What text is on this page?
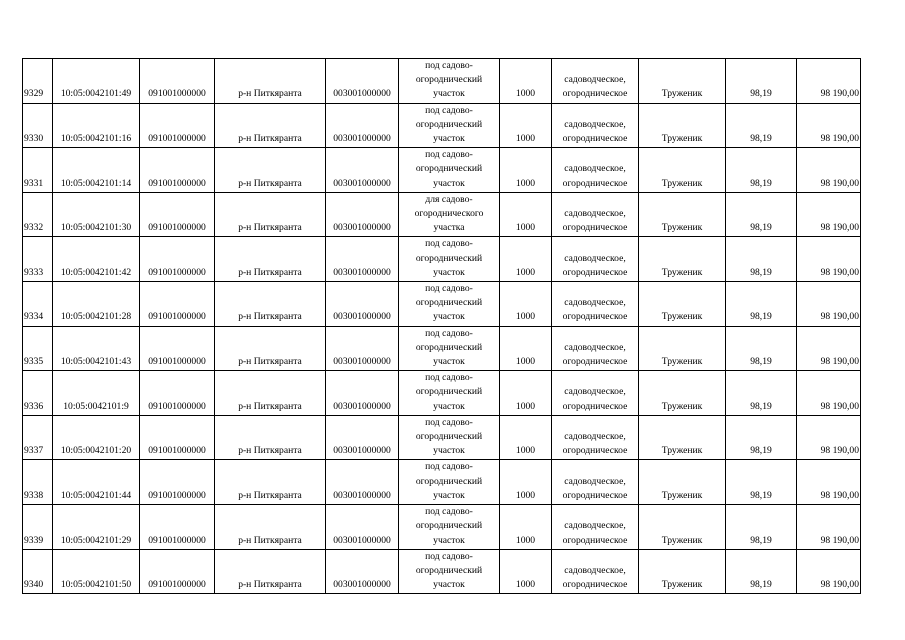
9329	10:05:0042101:49	091001000000	р-н Питкяранта	003001000000	под садово-
огороднический
участок	1000	садоводческое,
огородническое	Труженик	98,19	98 190,00
9330	10:05:0042101:16	091001000000	р-н Питкяранта	003001000000	под садово-
огороднический
участок	1000	садоводческое,
огородническое	Труженик	98,19	98 190,00
9331	10:05:0042101:14	091001000000	р-н Питкяранта	003001000000	под садово-
огороднический
участок	1000	садоводческое,
огородническое	Труженик	98,19	98 190,00
9332	10:05:0042101:30	091001000000	р-н Питкяранта	003001000000	для садово-
огороднического
участка	1000	садоводческое,
огородническое	Труженик	98,19	98 190,00
9333	10:05:0042101:42	091001000000	р-н Питкяранта	003001000000	под садово-
огороднический
участок	1000	садоводческое,
огородническое	Труженик	98,19	98 190,00
9334	10:05:0042101:28	091001000000	р-н Питкяранта	003001000000	под садово-
огороднический
участок	1000	садоводческое,
огородническое	Труженик	98,19	98 190,00
9335	10:05:0042101:43	091001000000	р-н Питкяранта	003001000000	под садово-
огороднический
участок	1000	садоводческое,
огородническое	Труженик	98,19	98 190,00
9336	10:05:0042101:9	091001000000	р-н Питкяранта	003001000000	под садово-
огороднический
участок	1000	садоводческое,
огородническое	Труженик	98,19	98 190,00
9337	10:05:0042101:20	091001000000	р-н Питкяранта	003001000000	под садово-
огороднический
участок	1000	садоводческое,
огородническое	Труженик	98,19	98 190,00
9338	10:05:0042101:44	091001000000	р-н Питкяранта	003001000000	под садово-
огороднический
участок	1000	садоводческое,
огородническое	Труженик	98,19	98 190,00
9339	10:05:0042101:29	091001000000	р-н Питкяранта	003001000000	под садово-
огороднический
участок	1000	садоводческое,
огородническое	Труженик	98,19	98 190,00
9340	10:05:0042101:50	091001000000	р-н Питкяранта	003001000000	под садово-
огороднический
участок	1000	садоводческое,
огородническое	Труженик	98,19	98 190,00
